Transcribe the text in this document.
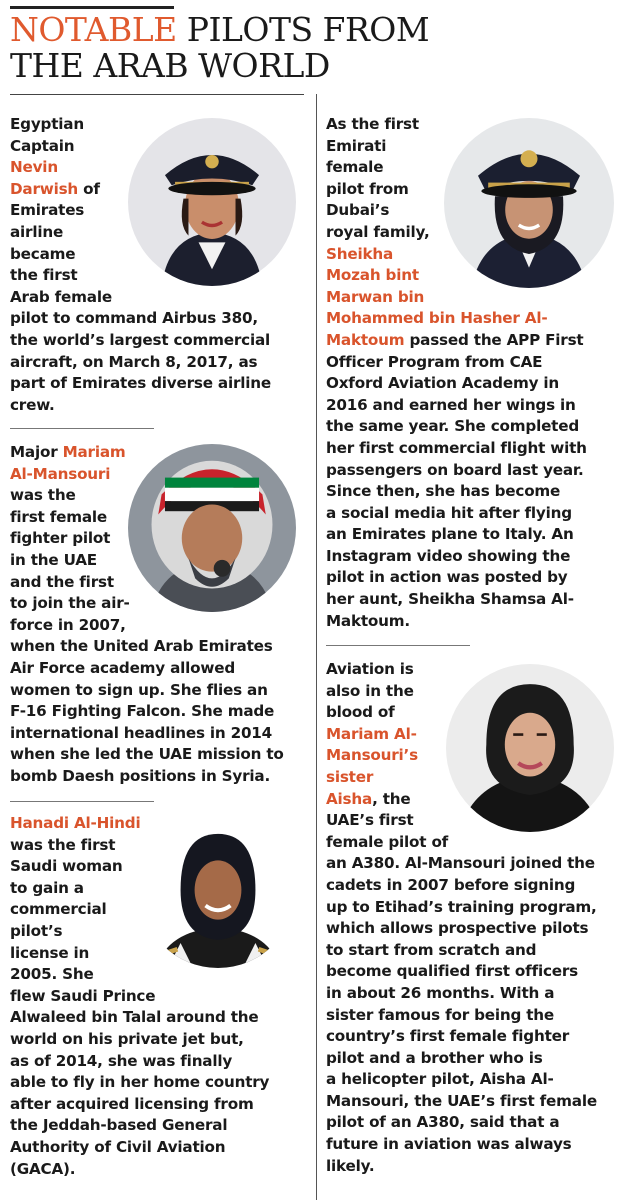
NOTABLE PILOTS FROM
THE ARAB WORLD

Egyptian
Captain
Nevin
Darwish of
Emirates
airline
became
the first
Arab female
pilot to command Airbus 380,
the world’s largest commercial
aircraft, on March 8, 2017, as
part of Emirates diverse airline
crew.

Major Mariam
Al-Mansouri
was the
first female
fighter pilot
in the UAE
and the first
to join the air-
force in 2007,
when the United Arab Emirates
Air Force academy allowed
women to sign up. She flies an
F-16 Fighting Falcon. She made
international headlines in 2014
when she led the UAE mission to
bomb Daesh positions in Syria.

Hanadi Al-Hindi
was the first
Saudi woman
to gain a
commercial
pilot’s
license in
2005. She
flew Saudi Prince
Alwaleed bin Talal around the
world on his private jet but,
as of 2014, she was finally
able to fly in her home country
after acquired licensing from
the Jeddah-based General
Authority of Civil Aviation
(GACA).

As the first
Emirati
female
pilot from
Dubai’s
royal family,
Sheikha
Mozah bint
Marwan bin
Mohammed bin Hasher Al-
Maktoum passed the APP First
Officer Program from CAE
Oxford Aviation Academy in
2016 and earned her wings in
the same year. She completed
her first commercial flight with
passengers on board last year.
Since then, she has become
a social media hit after flying
an Emirates plane to Italy. An
Instagram video showing the
pilot in action was posted by
her aunt, Sheikha Shamsa Al-
Maktoum.

Aviation is
also in the
blood of
Mariam Al-
Mansouri’s
sister
Aisha, the
UAE’s first
female pilot of
an A380. Al-Mansouri joined the
cadets in 2007 before signing
up to Etihad’s training program,
which allows prospective pilots
to start from scratch and
become qualified first officers
in about 26 months. With a
sister famous for being the
country’s first female fighter
pilot and a brother who is
a helicopter pilot, Aisha Al-
Mansouri, the UAE’s first female
pilot of an A380, said that a
future in aviation was always
likely.
